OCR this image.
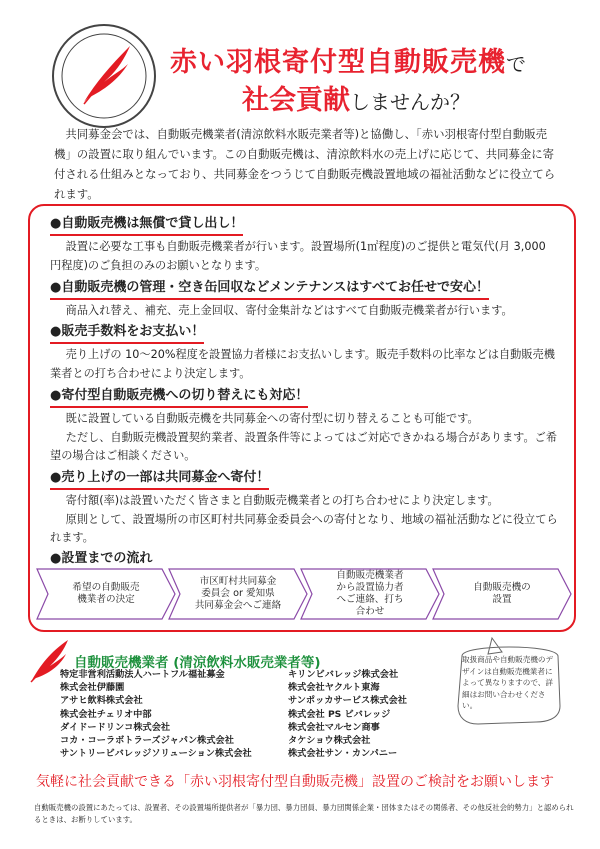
赤い羽根寄付型自動販売機で
社会貢献しませんか？
共同募金会では、自動販売機業者(清涼飲料水販売業者等)と協働し、「赤い羽根寄付型自動販売機」の設置に取り組んでいます。この自動販売機は、清涼飲料水の売上げに応じて、共同募金に寄付される仕組みとなっており、共同募金をつうじて自動販売機設置地域の福祉活動などに役立てられます。
●自動販売機は無償で貸し出し！

設置に必要な工事も自動販売機業者が行います。設置場所(1㎡程度)のご提供と電気代(月 3,000 円程度)のご負担のみのお願いとなります。

●自動販売機の管理・空き缶回収などメンテナンスはすべてお任せで安心！

商品入れ替え、補充、売上金回収、寄付金集計などはすべて自動販売機業者が行います。

●販売手数料をお支払い！

売り上げの 10～20%程度を設置協力者様にお支払いします。販売手数料の比率などは自動販売機業者との打ち合わせにより決定します。

●寄付型自動販売機への切り替えにも対応！

既に設置している自動販売機を共同募金への寄付型に切り替えることも可能です。

ただし、自動販売機設置契約業者、設置条件等によってはご対応できかねる場合があります。ご希望の場合はご相談ください。

●売り上げの一部は共同募金へ寄付！

寄付額(率)は設置いただく皆さまと自動販売機業者との打ち合わせにより決定します。

原則として、設置場所の市区町村共同募金委員会への寄付となり、地域の福祉活動などに役立てられます。

●設置までの流れ
希望の自動販売
機業者の決定
市区町村共同募金
委員会 or 愛知県
共同募金会へご連絡
自動販売機業者
から設置協力者
へご連絡、打ち
合わせ
自動販売機の
設置
自動販売機業者 (清涼飲料水販売業者等)
特定非営利活動法人ハートフル福祉募金
株式会社伊藤園
アサヒ飲料株式会社
株式会社チェリオ中部
ダイドードリンコ株式会社
コカ・コーラボトラーズジャパン株式会社
サントリービバレッジソリューション株式会社
キリンビバレッジ株式会社
株式会社ヤクルト東海
サンポッカサービス株式会社
株式会社 PS ビバレッジ
株式会社マルセン商事
タケショウ株式会社
株式会社サン・カンパニー
取扱商品や自動販売機のデザインは自動販売機業者によって異なりますので、詳細はお問い合わせください。
気軽に社会貢献できる「赤い羽根寄付型自動販売機」設置のご検討をお願いします
自動販売機の設置にあたっては、設置者、その設置場所提供者が「暴力団、暴力団員、暴力団関係企業・団体またはその関係者、その他反社会的勢力」と認められるときは、お断りしています。
